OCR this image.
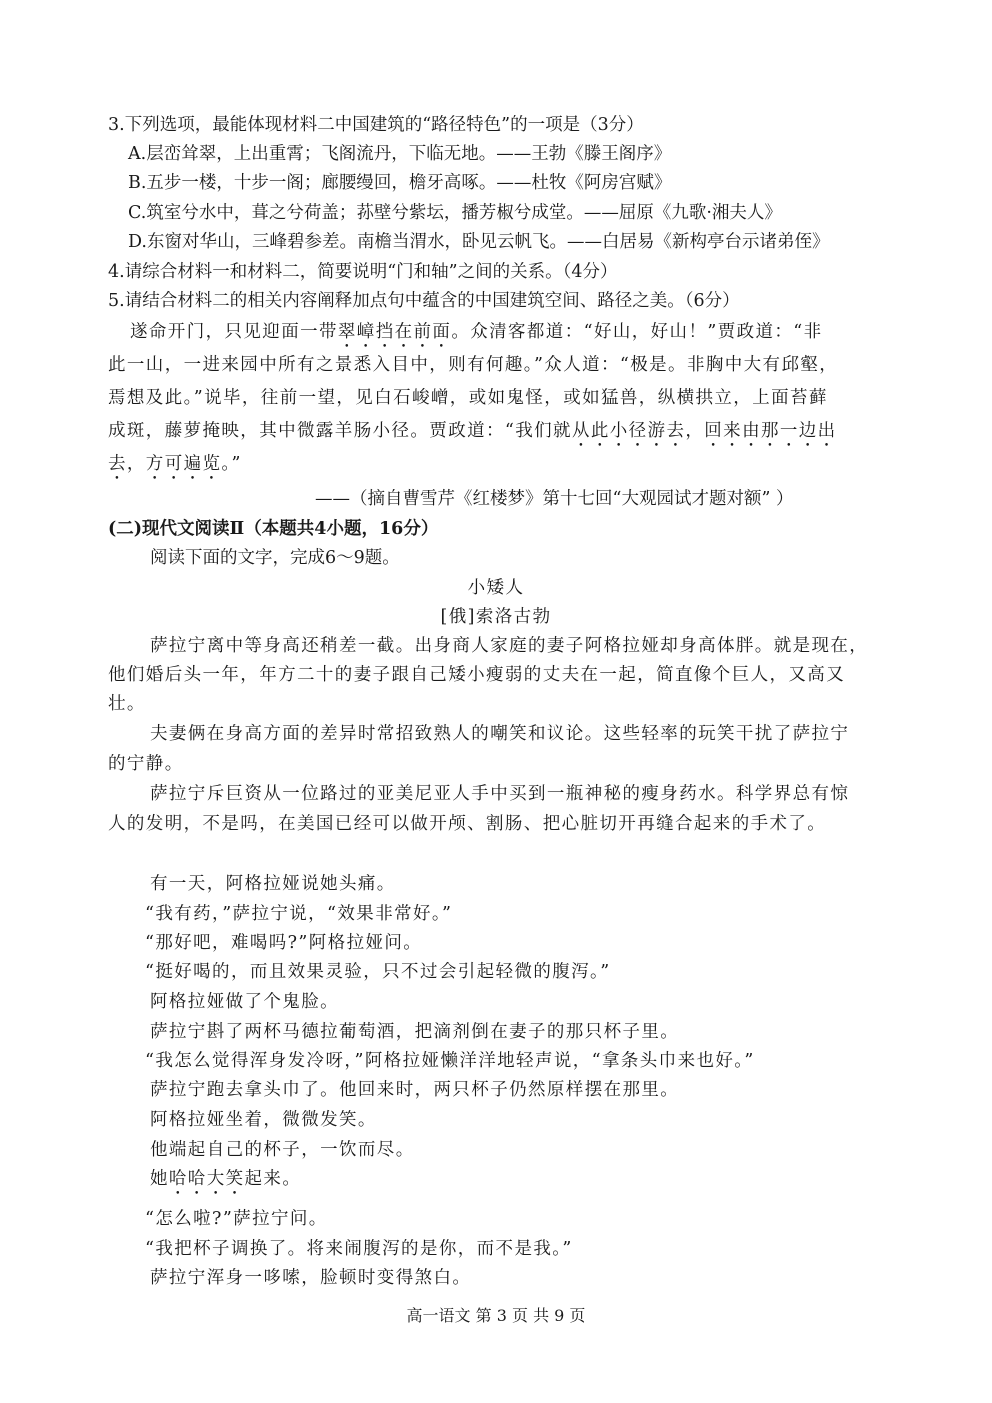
3.下列选项，最能体现材料二中国建筑的“路径特色”的一项是（3分）
A.层峦耸翠，上出重霄；飞阁流丹，下临无地。——王勃《滕王阁序》
B.五步一楼，十步一阁；廊腰缦回，檐牙高啄。——杜牧《阿房宫赋》
C.筑室兮水中，葺之兮荷盖；荪壁兮紫坛，播芳椒兮成堂。——屈原《九歌·湘夫人》
D.东窗对华山，三峰碧参差。南檐当渭水，卧见云帆飞。——白居易《新构亭台示诸弟侄》
4.请综合材料一和材料二，简要说明“门和轴”之间的关系。（4分）
5.请结合材料二的相关内容阐释加点句中蕴含的中国建筑空间、路径之美。（6分）
遂命开门，只见迎面一带翠嶂挡在前面。众清客都道：“好山，好山！”贾政道：“非
此一山，一进来园中所有之景悉入目中，则有何趣。”众人道：“极是。非胸中大有邱壑，
焉想及此。”说毕，往前一望，见白石峻嶒，或如鬼怪，或如猛兽，纵横拱立，上面苔藓
成斑，藤萝掩映，其中微露羊肠小径。贾政道：“我们就从此小径游去，回来由那一边出
去，方可遍览。”
——（摘自曹雪芹《红楼梦》第十七回“大观园试才题对额” ）
(二)现代文阅读Ⅱ（本题共4小题，16分）
阅读下面的文字，完成6～9题。
小矮人
[俄]索洛古勃
萨拉宁离中等身高还稍差一截。出身商人家庭的妻子阿格拉娅却身高体胖。就是现在，
他们婚后头一年，年方二十的妻子跟自己矮小瘦弱的丈夫在一起，简直像个巨人，又高又
壮。
夫妻俩在身高方面的差异时常招致熟人的嘲笑和议论。这些轻率的玩笑干扰了萨拉宁
的宁静。
萨拉宁斥巨资从一位路过的亚美尼亚人手中买到一瓶神秘的瘦身药水。科学界总有惊
人的发明，不是吗，在美国已经可以做开颅、割肠、把心脏切开再缝合起来的手术了。
有一天，阿格拉娅说她头痛。
“我有药，”萨拉宁说，“效果非常好。”
“那好吧，难喝吗?”阿格拉娅问。
“挺好喝的，而且效果灵验，只不过会引起轻微的腹泻。”
阿格拉娅做了个鬼脸。
萨拉宁斟了两杯马德拉葡萄酒，把滴剂倒在妻子的那只杯子里。
“我怎么觉得浑身发冷呀，”阿格拉娅懒洋洋地轻声说，“拿条头巾来也好。”
萨拉宁跑去拿头巾了。他回来时，两只杯子仍然原样摆在那里。
阿格拉娅坐着，微微发笑。
他端起自己的杯子，一饮而尽。
她哈哈大笑起来。
“怎么啦?”萨拉宁问。
“我把杯子调换了。将来闹腹泻的是你，而不是我。”
萨拉宁浑身一哆嗦，脸顿时变得煞白。
高一语文 第 3 页 共 9 页
